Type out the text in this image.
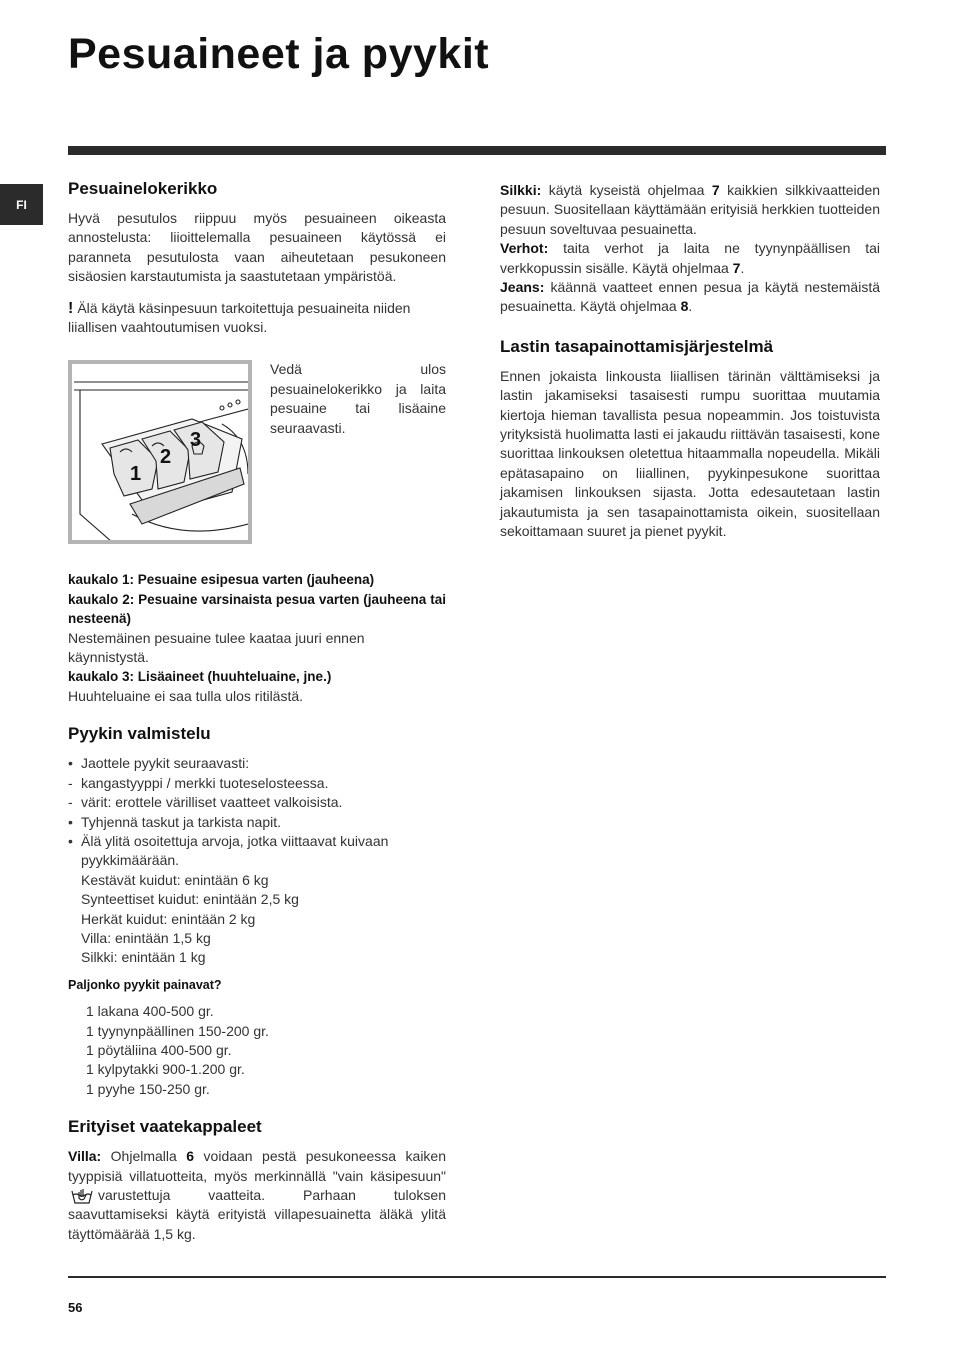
Pesuaineet ja pyykit
FI
Pesuainelokerikko

Hyvä pesutulos riippuu myös pesuaineen oikeasta annostelusta: liioittelemalla pesuaineen käytössä ei paranneta pesutulosta vaan aiheutetaan pesukoneen sisäosien karstautumista ja saastutetaan ympäristöä.

! Älä käytä käsinpesuun tarkoitettuja pesuaineita niiden liiallisen vaahtoutumisen vuoksi.

1
2
3

Vedä ulos pesuainelokerikko ja laita pesuaine tai lisäaine seuraavasti.

kaukalo 1: Pesuaine esipesua varten (jauheena)

kaukalo 2: Pesuaine varsinaista pesua varten (jauheena tai nesteenä)

Nestemäinen pesuaine tulee kaataa juuri ennen käynnistystä.

kaukalo 3: Lisäaineet (huuhteluaine, jne.)

Huuhteluaine ei saa tulla ulos ritilästä.

Pyykin valmistelu
• Jaottele pyykit seuraavasti:
- kangastyyppi / merkki tuoteselosteessa.
- värit: erottele värilliset vaatteet valkoisista.
• Tyhjennä taskut ja tarkista napit.
• Älä ylitä osoitettuja arvoja, jotka viittaavat kuivaan pyykkimäärään.

Kestävät kuidut: enintään 6 kg

Synteettiset kuidut: enintään 2,5 kg

Herkät kuidut: enintään 2 kg

Villa: enintään 1,5 kg

Silkki: enintään 1 kg

Paljonko pyykit painavat?

1 lakana 400-500 gr.

1 tyynynpäällinen 150-200 gr.

1 pöytäliina 400-500 gr.

1 kylpytakki 900-1.200 gr.

1 pyyhe 150-250 gr.

Erityiset vaatekappaleet

Villa: Ohjelmalla 6 voidaan pestä pesukoneessa kaiken tyyppisiä villatuotteita, myös merkinnällä "vain käsipesuun"varustettuja vaatteita. Parhaan tuloksen saavuttamiseksi käytä erityistä villapesuainetta äläkä ylitä täyttömäärää 1,5 kg.

Silkki: käytä kyseistä ohjelmaa 7 kaikkien silkkivaatteiden pesuun. Suositellaan käyttämään erityisiä herkkien tuotteiden pesuun soveltuvaa pesuainetta.

Verhot: taita verhot ja laita ne tyynynpäällisen tai verkkopussin sisälle. Käytä ohjelmaa 7.

Jeans: käännä vaatteet ennen pesua ja käytä nestemäistä pesuainetta. Käytä ohjelmaa 8.

Lastin tasapainottamisjärjestelmä

Ennen jokaista linkousta liiallisen tärinän välttämiseksi ja lastin jakamiseksi tasaisesti rumpu suorittaa muutamia kiertoja hieman tavallista pesua nopeammin. Jos toistuvista yrityksistä huolimatta lasti ei jakaudu riittävän tasaisesti, kone suorittaa linkouksen oletettua hitaammalla nopeudella. Mikäli epätasapaino on liiallinen, pyykinpesukone suorittaa jakamisen linkouksen sijasta. Jotta edesautetaan lastin jakautumista ja sen tasapainottamista oikein, suositellaan sekoittamaan suuret ja pienet pyykit.

56
